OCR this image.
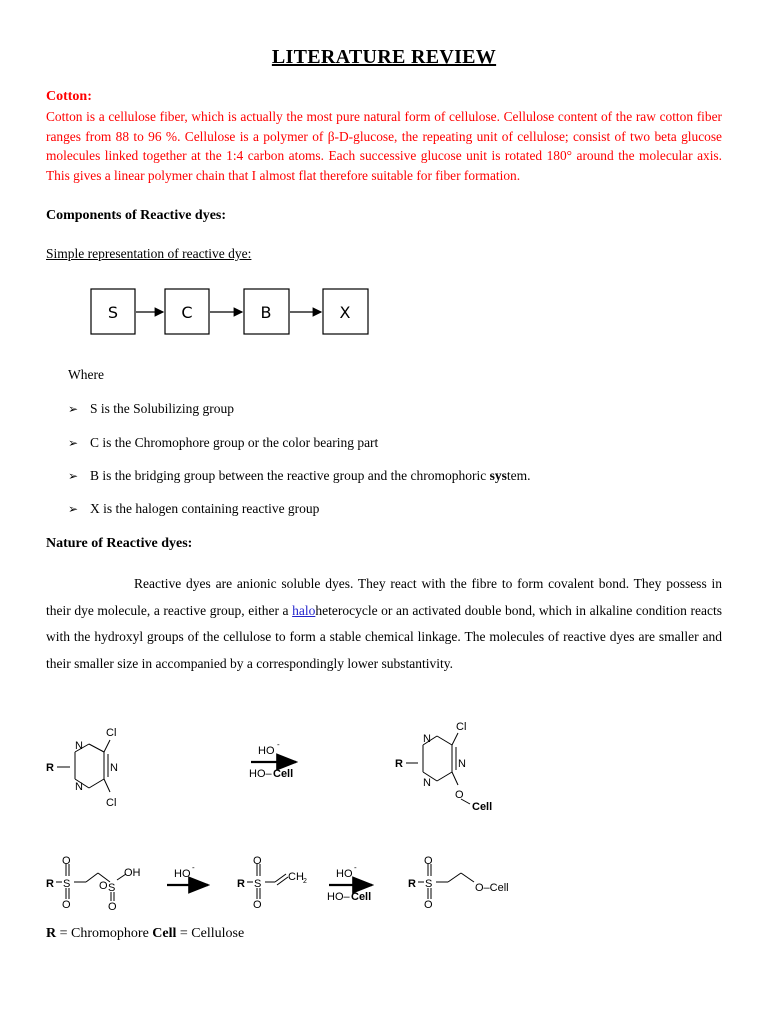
LITERATURE REVIEW
Cotton:
Cotton is a cellulose fiber, which is actually the most pure natural form of cellulose. Cellulose content of the raw cotton fiber ranges from 88 to 96 %. Cellulose is a polymer of β-D-glucose, the repeating unit of cellulose; consist of two beta glucose molecules linked together at the 1:4 carbon atoms. Each successive glucose unit is rotated 180° around the molecular axis. This gives a linear polymer chain that I almost flat therefore suitable for fiber formation.
Components of Reactive dyes:
Simple representation of reactive dye:
S	C	B	X
Where
➢ S is the Solubilizing group
➢ C is the Chromophore group or the color bearing part
➢ B is the bridging group between the reactive group and the chromophoric system.
➢ X is the halogen containing reactive group
Nature of Reactive dyes:
Reactive dyes are anionic soluble dyes. They react with the fibre to form covalent bond. They possess in their dye molecule, a reactive group, either a haloheterocycle or an activated double bond, which in alkaline condition reacts with the hydroxyl groups of the cellulose to form a stable chemical linkage. The molecules of reactive dyes are smaller and their smaller size in accompanied by a correspondingly lower substantivity.
Cl
N
N
N
Cl
R
HO
-
HO– Cell
Cl
N
N
N
O
Cell
R
O
R S
O
S
O
OH
O
HO
-
O
R S
O
CH 2
HO
-
HO– Cell
O
R S
O
O–Cell
R = Chromophore Cell = Cellulose
